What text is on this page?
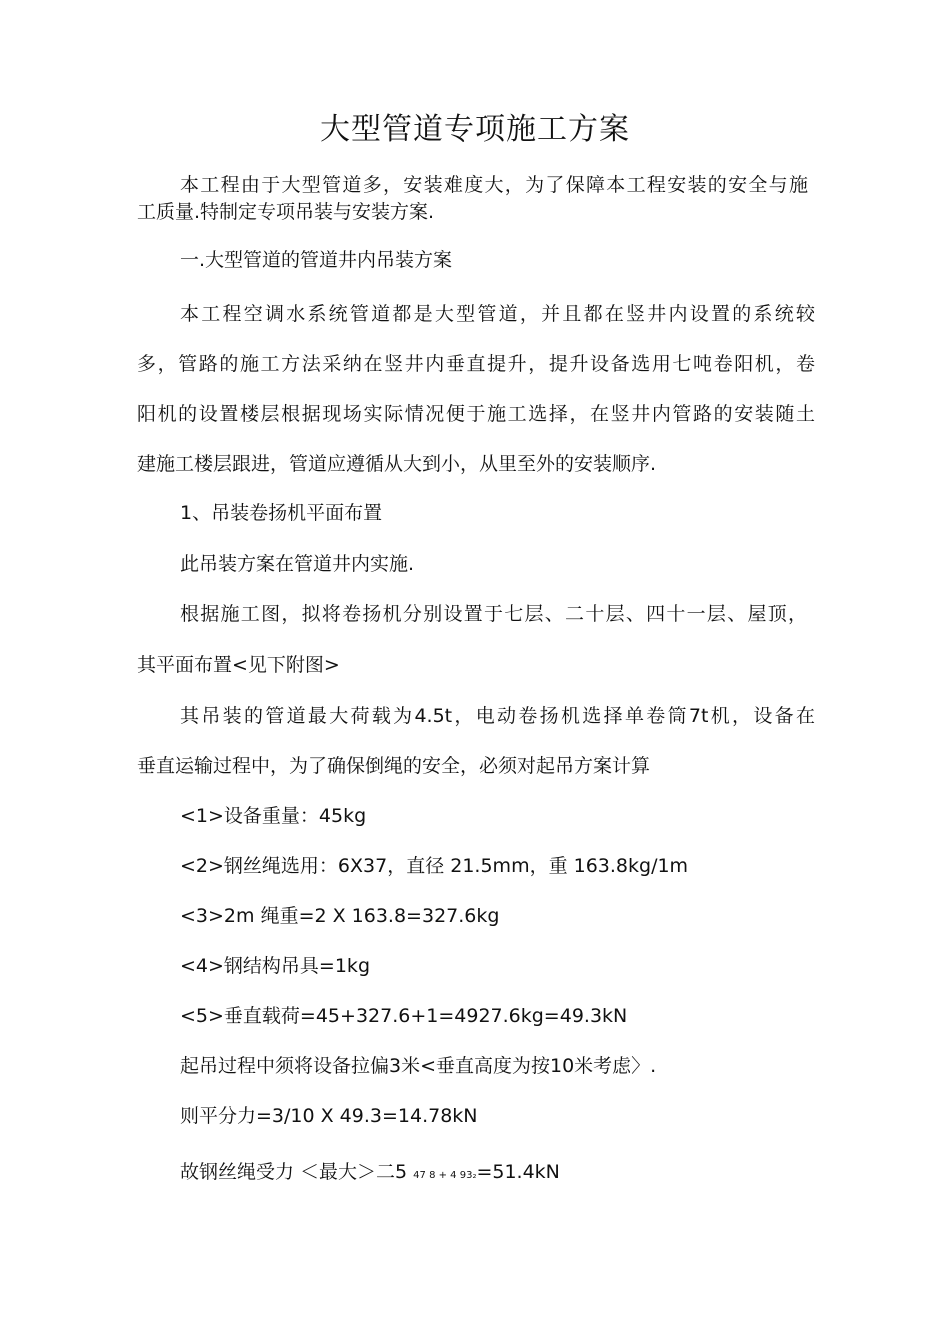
大型管道专项施工方案
本工程由于大型管道多，安装难度大，为了保障本工程安装的安全与施
工质量.特制定专项吊装与安装方案.
一.大型管道的管道井内吊装方案
本工程空调水系统管道都是大型管道，并且都在竖井内设置的系统较
多，管路的施工方法采纳在竖井内垂直提升，提升设备选用七吨卷阳机，卷
阳机的设置楼层根据现场实际情况便于施工选择，在竖井内管路的安装随土
建施工楼层跟进，管道应遵循从大到小，从里至外的安装顺序.
1、吊装卷扬机平面布置
此吊装方案在管道井内实施.
根据施工图，拟将卷扬机分别设置于七层、二十层、四十一层、屋顶，
其平面布置<见下附图>
其吊装的管道最大荷载为4.5t，电动卷扬机选择单卷筒7t机，设备在
垂直运输过程中，为了确保倒绳的安全，必须对起吊方案计算
<1>设备重量：45kg
<2>钢丝绳选用：6X37，直径 21.5mm，重 163.8kg/1m
<3>2m 绳重=2 X 163.8=327.6kg
<4>钢结构吊具=1kg
<5>垂直载荷=45+327.6+1=4927.6kg=49.3kN
起吊过程中须将设备拉偏3米<垂直高度为按10米考虑〉.
则平分力=3/10 X 49.3=14.78kN
故钢丝绳受力 ＜最大＞二5 47 8 + 4 93₂=51.4kN
